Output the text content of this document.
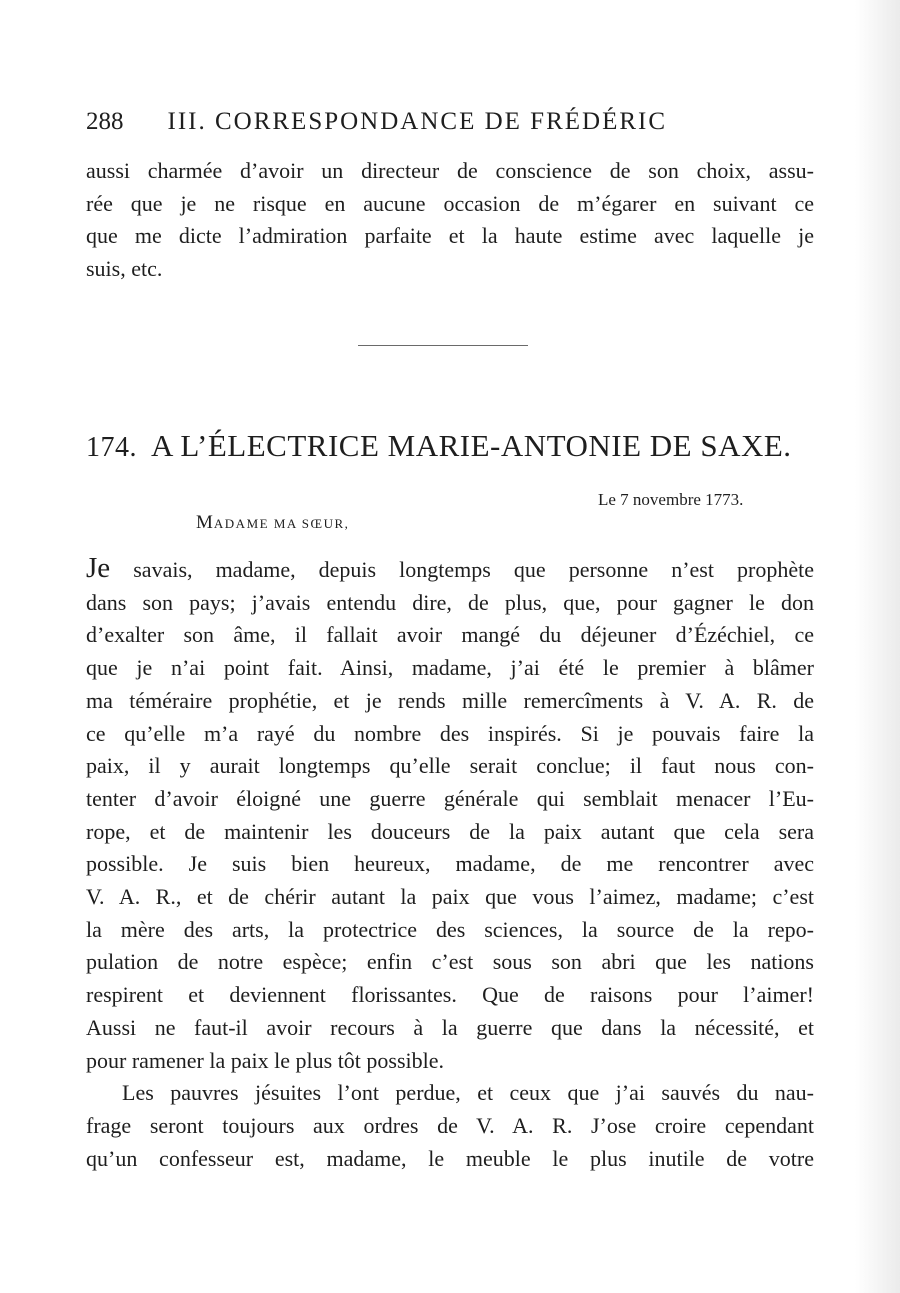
288 III. CORRESPONDANCE DE FRÉDÉRIC
aussi charmée d’avoir un directeur de conscience de son choix, assu-
rée que je ne risque en aucune occasion de m’égarer en suivant ce
que me dicte l’admiration parfaite et la haute estime avec laquelle je
suis, etc.
174. A L’ÉLECTRICE MARIE-ANTONIE DE SAXE.
Le 7 novembre 1773.
MADAME MA SŒUR,
Je savais, madame, depuis longtemps que personne n’est prophète
dans son pays; j’avais entendu dire, de plus, que, pour gagner le don
d’exalter son âme, il fallait avoir mangé du déjeuner d’Ézéchiel, ce
que je n’ai point fait. Ainsi, madame, j’ai été le premier à blâmer
ma téméraire prophétie, et je rends mille remercîments à V. A. R. de
ce qu’elle m’a rayé du nombre des inspirés. Si je pouvais faire la
paix, il y aurait longtemps qu’elle serait conclue; il faut nous con-
tenter d’avoir éloigné une guerre générale qui semblait menacer l’Eu-
rope, et de maintenir les douceurs de la paix autant que cela sera
possible. Je suis bien heureux, madame, de me rencontrer avec
V. A. R., et de chérir autant la paix que vous l’aimez, madame; c’est
la mère des arts, la protectrice des sciences, la source de la repo-
pulation de notre espèce; enfin c’est sous son abri que les nations
respirent et deviennent florissantes. Que de raisons pour l’aimer!
Aussi ne faut-il avoir recours à la guerre que dans la nécessité, et
pour ramener la paix le plus tôt possible.
Les pauvres jésuites l’ont perdue, et ceux que j’ai sauvés du nau-
frage seront toujours aux ordres de V. A. R. J’ose croire cependant
qu’un confesseur est, madame, le meuble le plus inutile de votre
